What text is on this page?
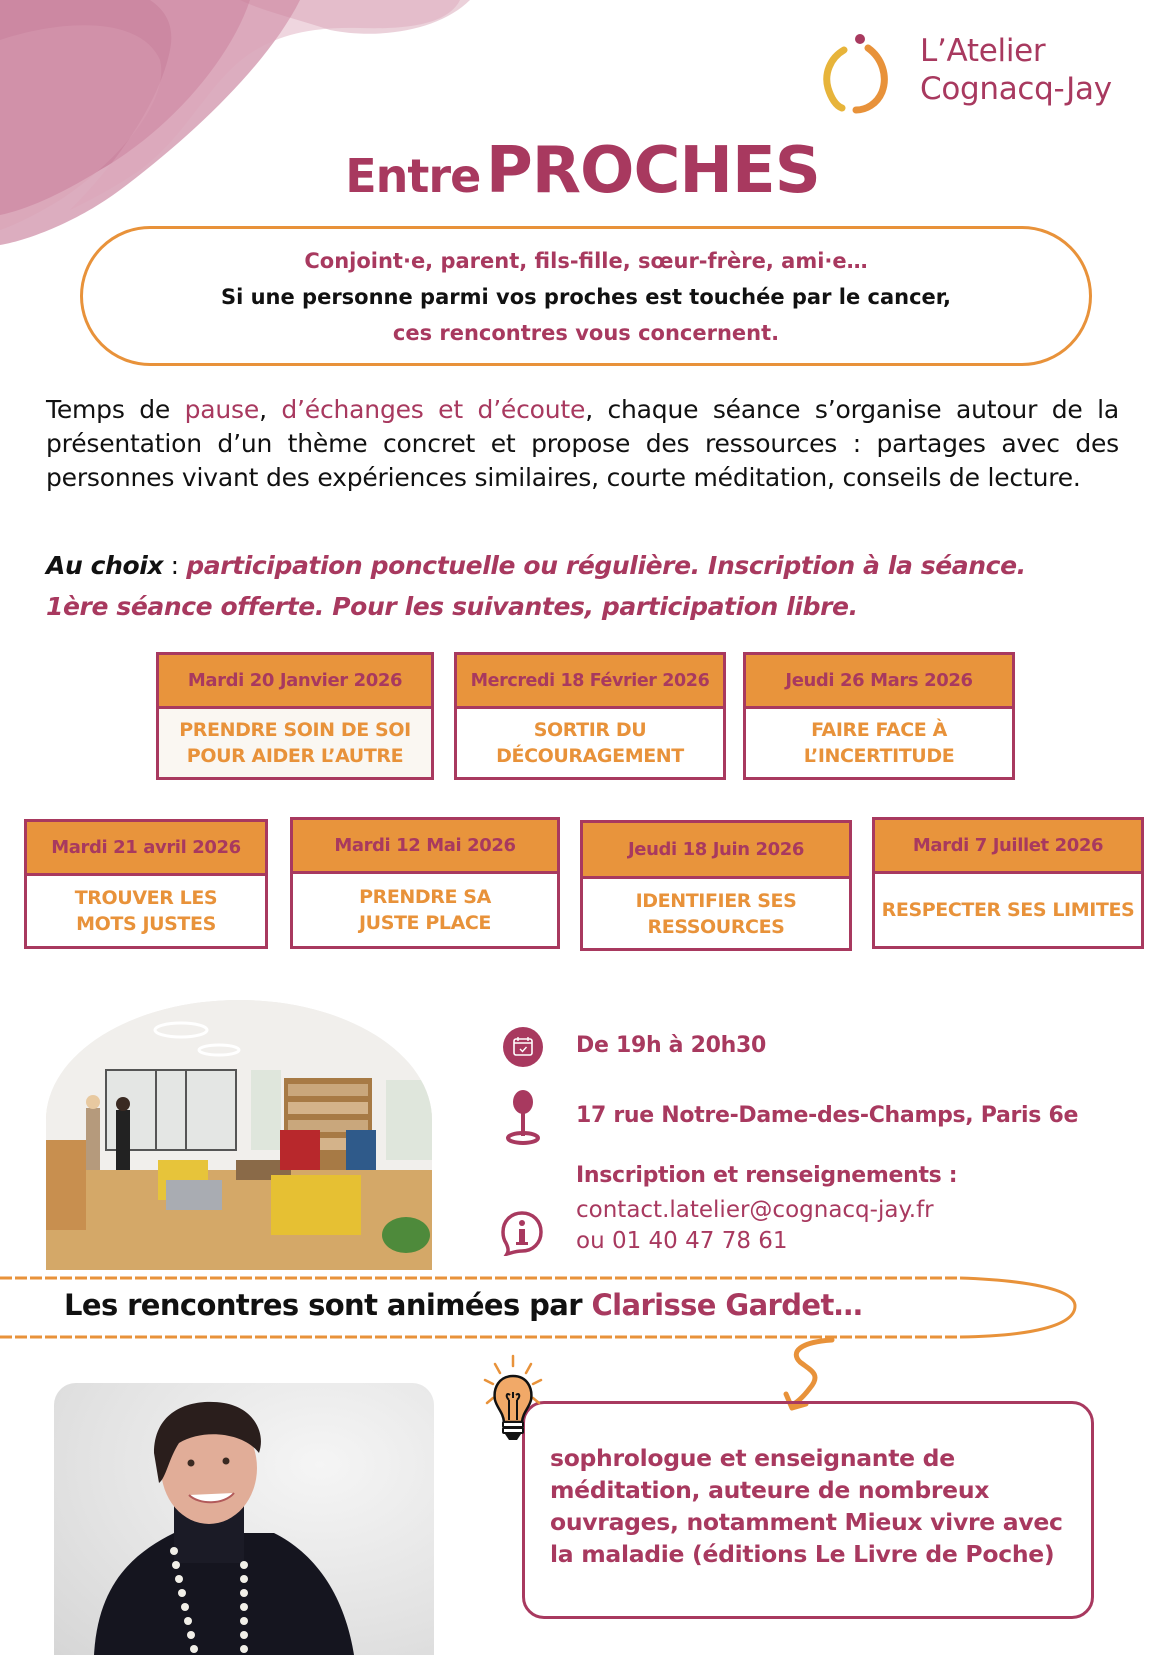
L’Atelier
Cognacq-Jay
Entre PROCHES
Conjoint·e, parent, fils-fille, sœur-frère, ami·e…
Si une personne parmi vos proches est touchée par le cancer,
ces rencontres vous concernent.

Temps de pause, d’échanges et d’écoute, chaque séance s’organise autour de la présentation d’un thème concret et propose des ressources : partages avec des personnes vivant des expériences similaires, courte méditation, conseils de lecture.

Au choix : participation ponctuelle ou régulière. Inscription à la séance.
1ère séance offerte. Pour les suivantes, participation libre.
Mardi 20 Janvier 2026
PRENDRE SOIN DE SOI
POUR AIDER L’AUTRE
Mercredi 18 Février 2026
SORTIR DU
DÉCOURAGEMENT
Jeudi 26 Mars 2026
FAIRE FACE À
L’INCERTITUDE
Mardi 21 avril 2026
TROUVER LES
MOTS JUSTES
Mardi 12 Mai 2026
PRENDRE SA
JUSTE PLACE
Jeudi 18 Juin 2026
IDENTIFIER SES
RESSOURCES
Mardi 7 Juillet 2026
RESPECTER SES LIMITES
De 19h à 20h30
17 rue Notre-Dame-des-Champs, Paris 6e
Inscription et renseignements :
contact.latelier@cognacq-jay.fr
ou 01 40 47 78 61
Les rencontres sont animées par Clarisse Gardet…
sophrologue et enseignante de méditation, auteure de nombreux ouvrages, notamment Mieux vivre avec la maladie (éditions Le Livre de Poche)
